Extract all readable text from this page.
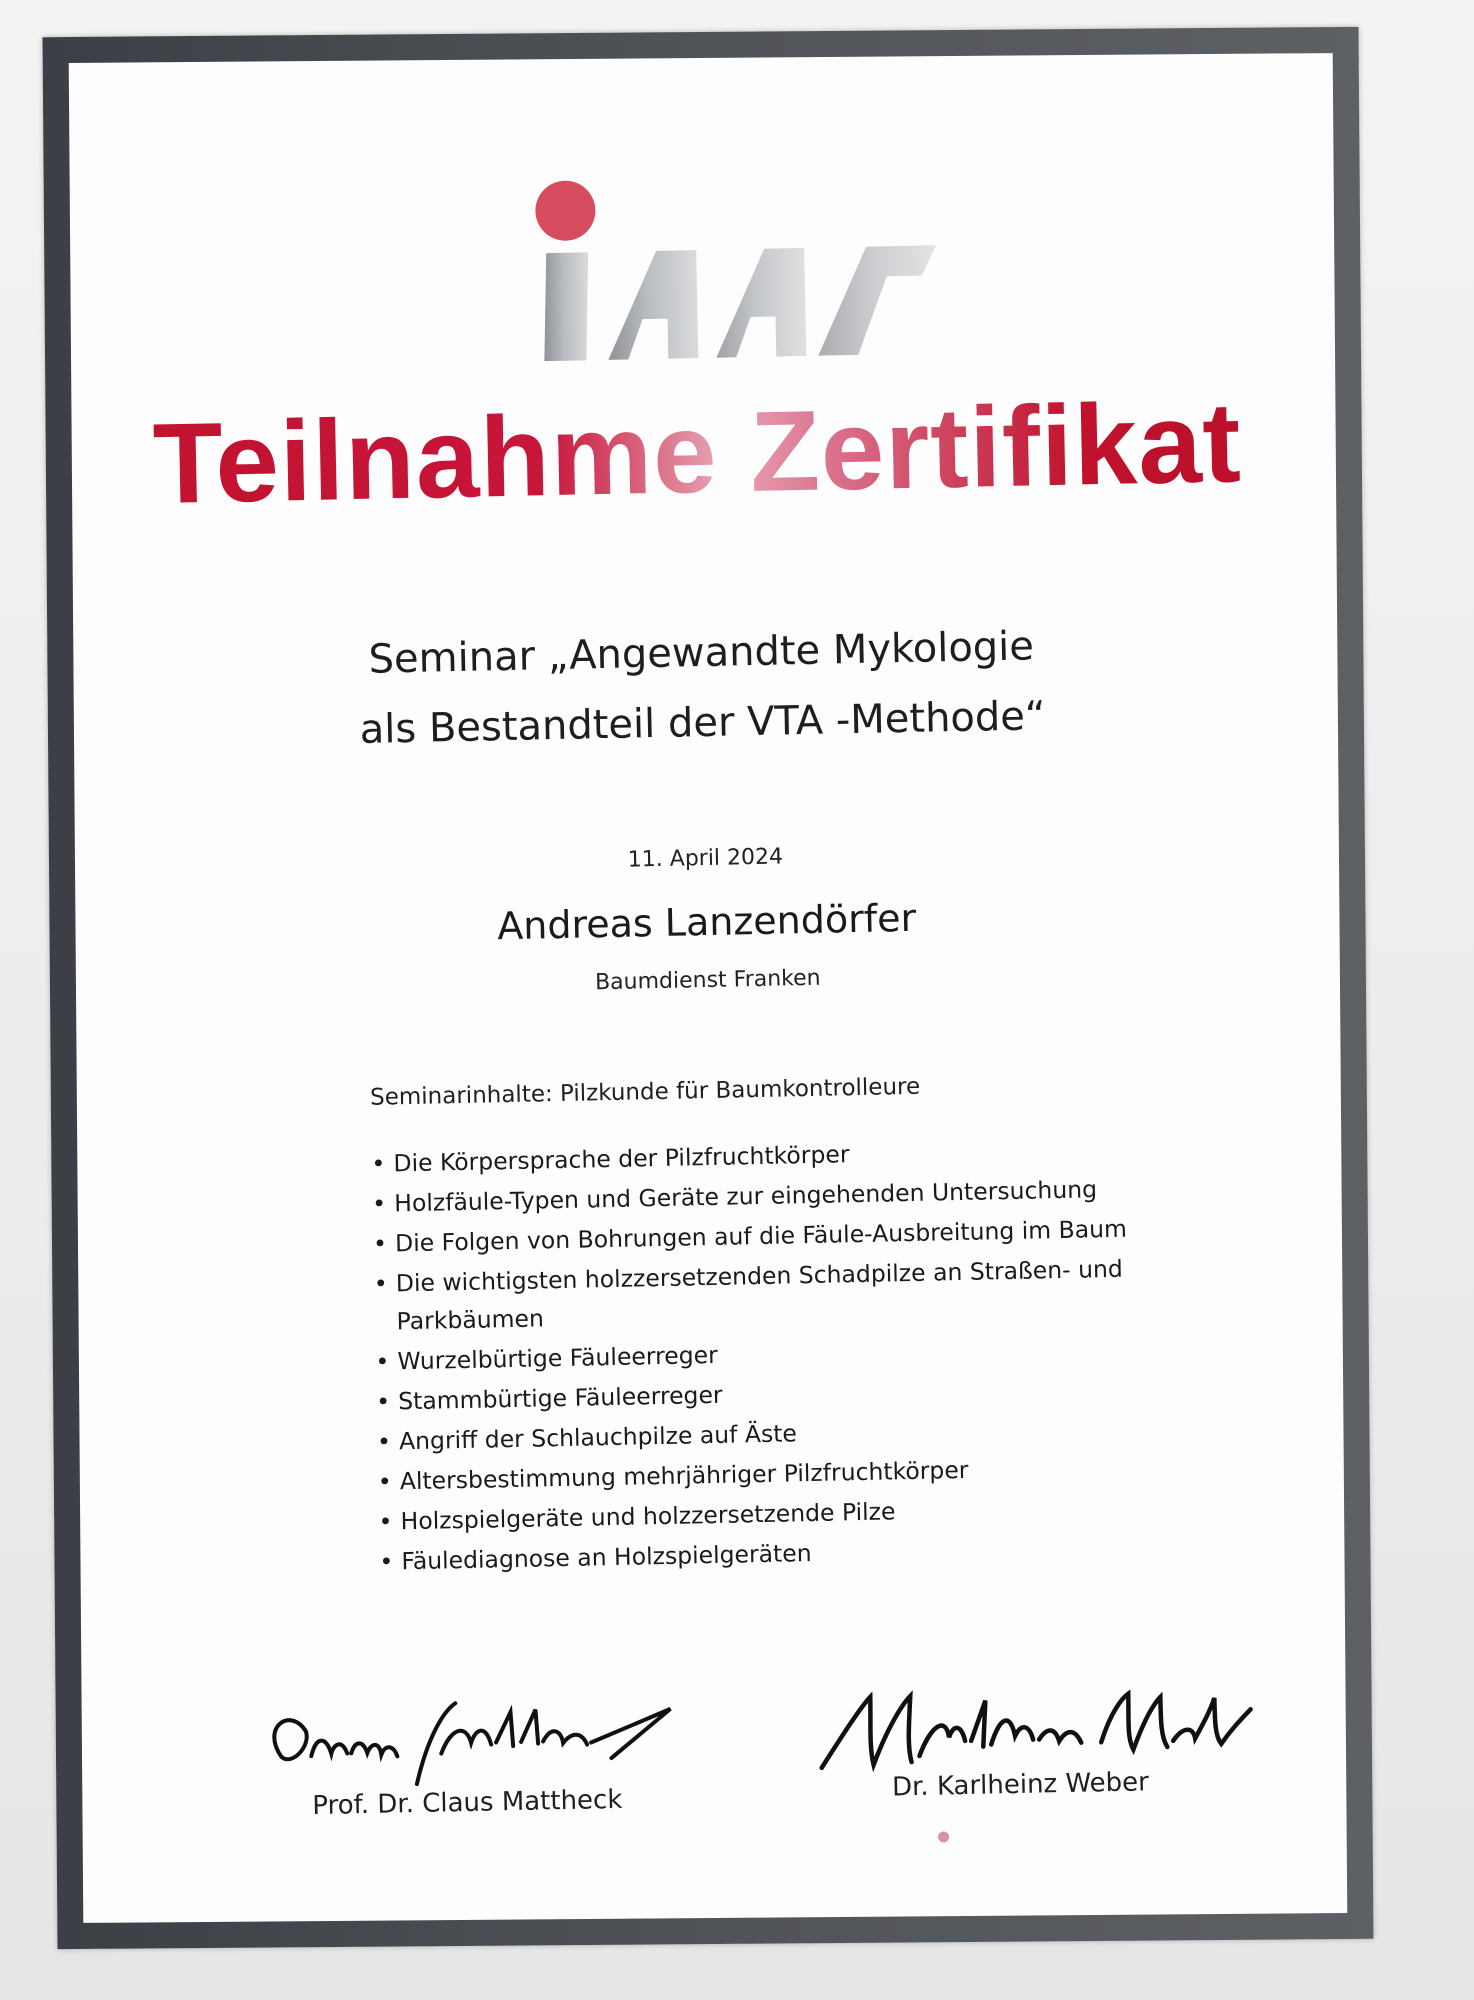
Teilnahme Zertifikat
Seminar „Angewandte Mykologie
als Bestandteil der VTA -Methode“
11. April 2024
Andreas Lanzendörfer
Baumdienst Franken
Seminarinhalte: Pilzkunde für Baumkontrolleure
• Die Körpersprache der Pilzfruchtkörper
• Holzfäule-Typen und Geräte zur eingehenden Untersuchung
• Die Folgen von Bohrungen auf die Fäule-Ausbreitung im Baum
• Die wichtigsten holzzersetzenden Schadpilze an Straßen- und Parkbäumen
• Wurzelbürtige Fäuleerreger
• Stammbürtige Fäuleerreger
• Angriff der Schlauchpilze auf Äste
• Altersbestimmung mehrjähriger Pilzfruchtkörper
• Holzspielgeräte und holzzersetzende Pilze
• Fäulediagnose an Holzspielgeräten
Prof. Dr. Claus Mattheck	Dr. Karlheinz Weber
